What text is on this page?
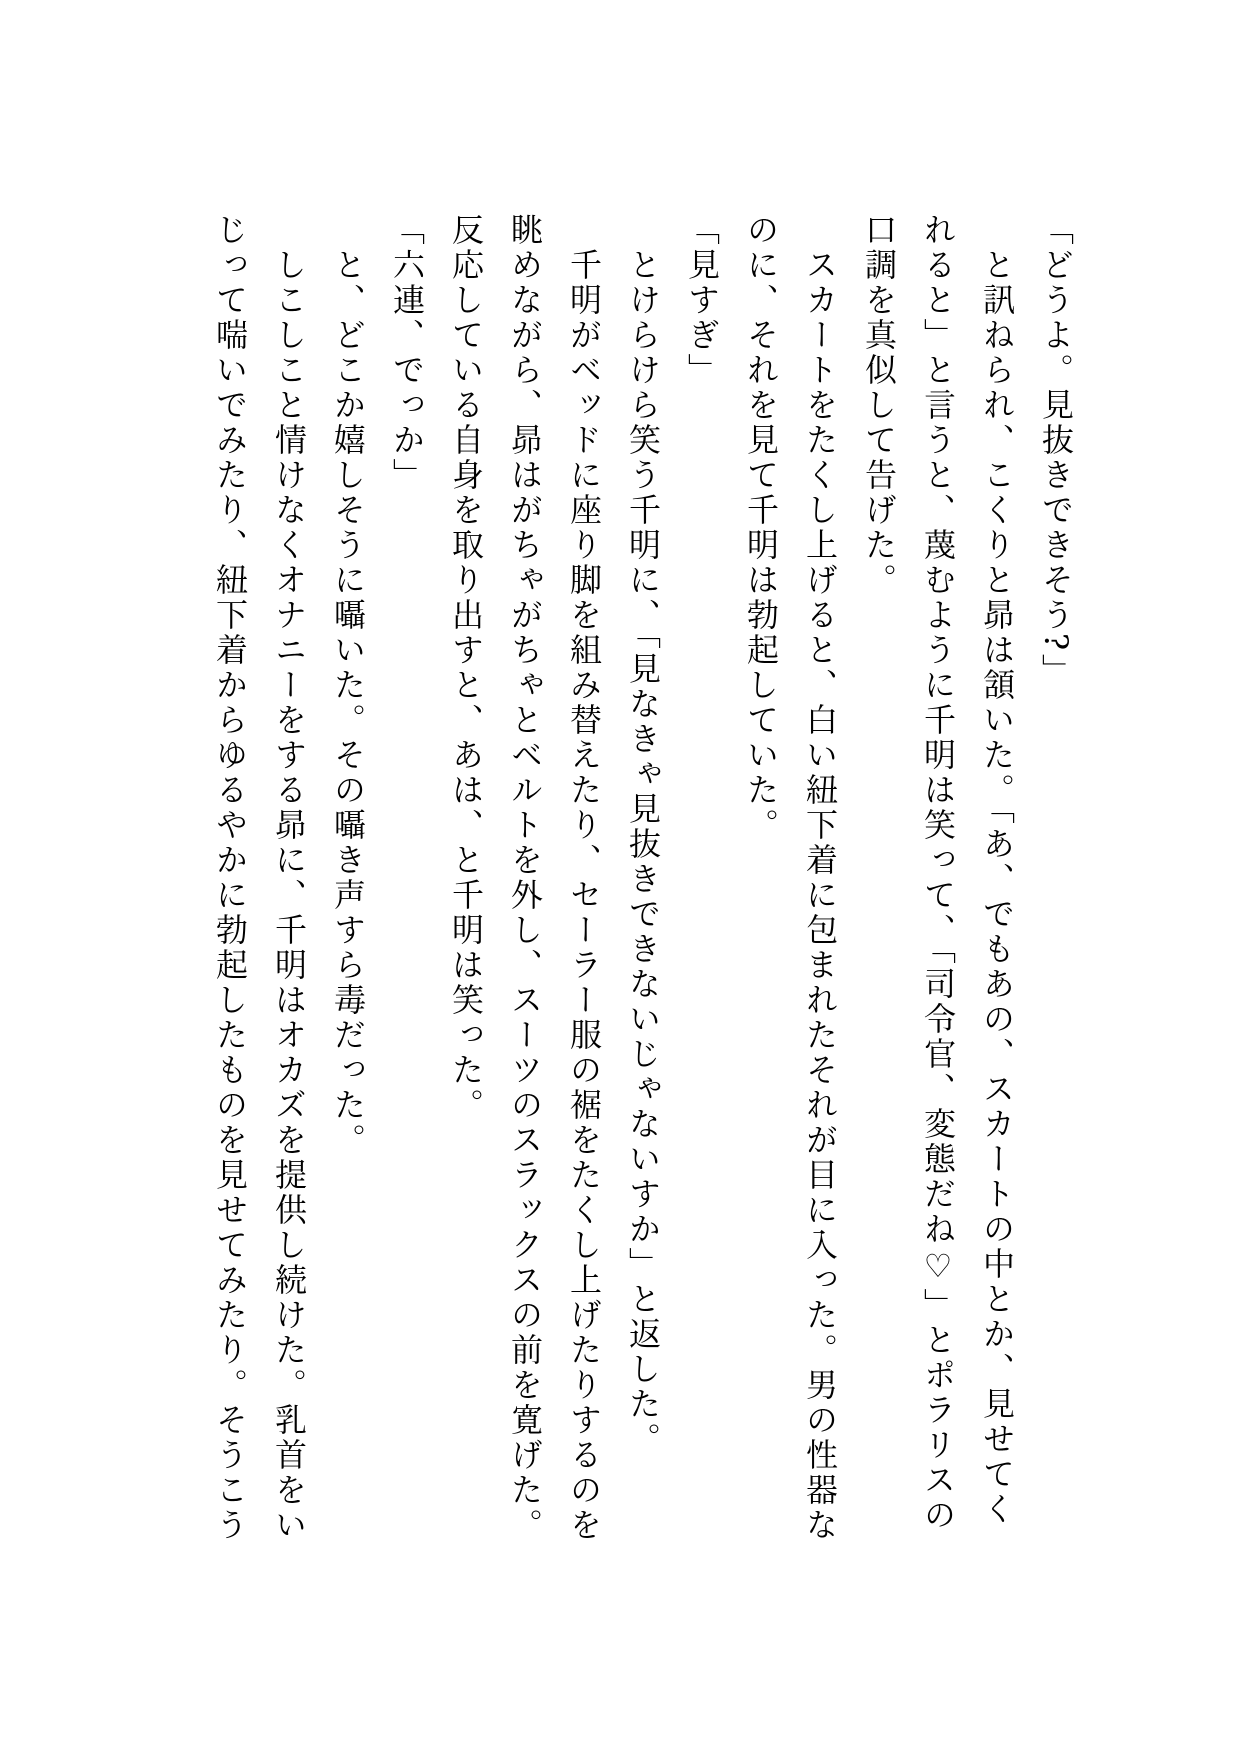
「どうよ。見抜きできそう?」

と訊ねられ、こくりと昴は頷いた。「あ、でもあの、スカートの中とか、見せてくれると」と言うと、蔑むように千明は笑って、「司令官、変態だね♡」とポラリスの口調を真似して告げた。

スカートをたくし上げると、白い紐下着に包まれたそれが目に入った。男の性器なのに、それを見て千明は勃起していた。

「見すぎ」

とけらけら笑う千明に、「見なきゃ見抜きできないじゃないすか」と返した。

千明がベッドに座り脚を組み替えたり、セーラー服の裾をたくし上げたりするのを眺めながら、昴はがちゃがちゃとベルトを外し、スーツのスラックスの前を寛げた。反応している自身を取り出すと、あは、と千明は笑った。

「六連、でっか」

と、どこか嬉しそうに囁いた。その囁き声すら毒だった。

しこしこと情けなくオナニーをする昴に、千明はオカズを提供し続けた。乳首をいじって喘いでみたり、紐下着からゆるやかに勃起したものを見せてみたり。そうこう
